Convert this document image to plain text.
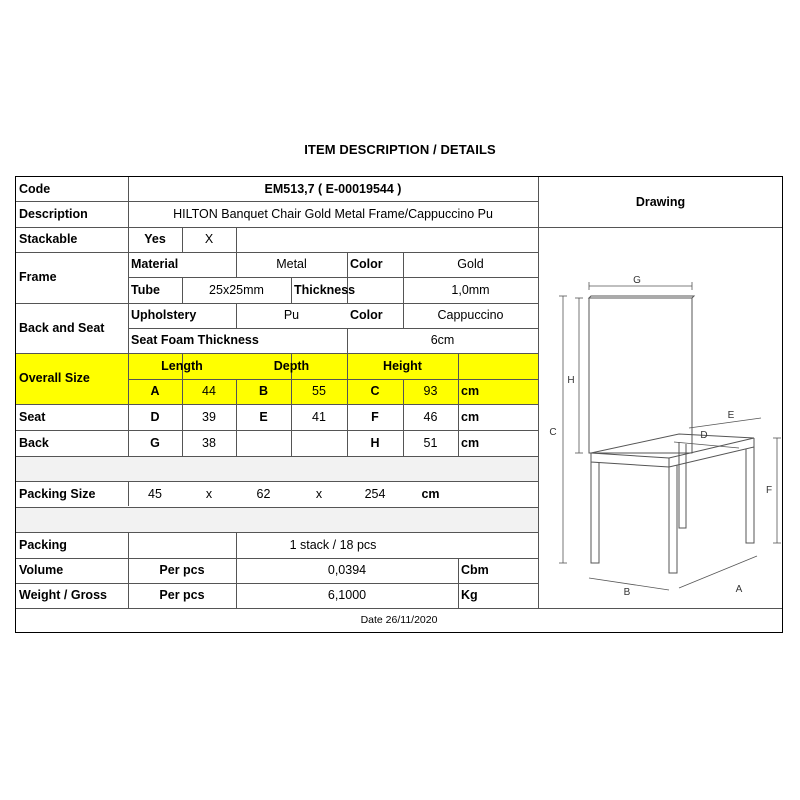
ITEM DESCRIPTION / DETAILS
Code	EM513,7 ( E-00019544 )
Description	HILTON Banquet Chair Gold Metal Frame/Cappuccino Pu
Stackable	Yes	X
Frame
Material	Metal	Color	Gold
Tube	25x25mm	Thickness	1,0mm
Back and Seat
Upholstery	Pu	Color	Cappuccino
Seat Foam Thickness	6cm
Overall Size
Length	Depth	Height
A	44	B	55	C	93	cm
Seat	D	39	E	41	F	46	cm
Back	G	38	H	51	cm
Packing Size	45	x	62	x	254	cm
Packing	1 stack / 18 pcs
Volume	Per pcs	0,0394	Cbm
Weight / Gross	Per pcs	6,1000	Kg
Date 26/11/2020
Drawing
G
H
C
E
D
F
B	A
